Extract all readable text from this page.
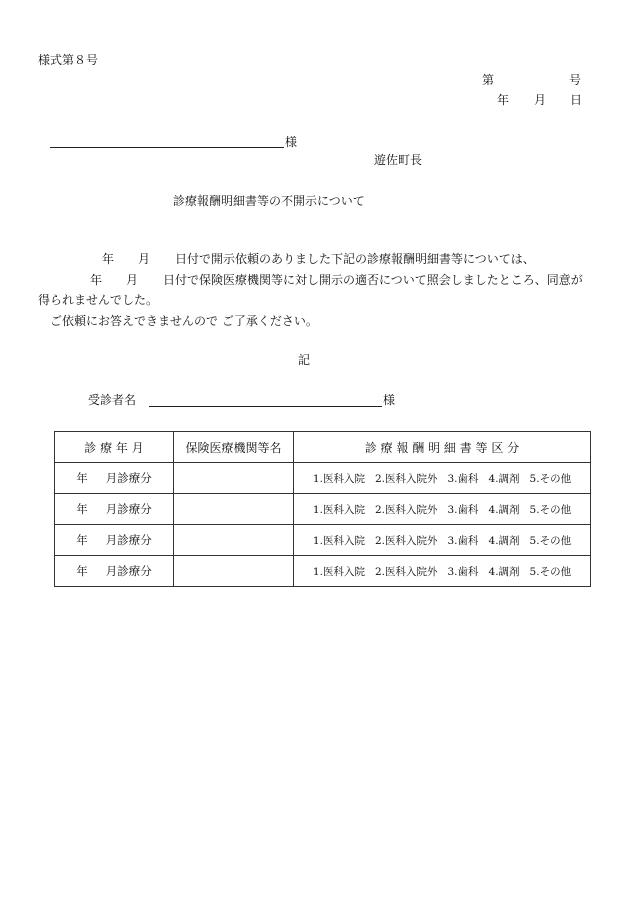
様式第８号
第	号
年 月 日
様
遊佐町長
診療報酬明細書等の不開示について
年 月 日付で開示依頼のありました下記の診療報酬明細書等については、
年 月 日付で保険医療機関等に対し開示の適否について照会しましたところ、同意が
得られませんでした。
ご依頼にお答えできませんので ご了承ください。
記
受診者名	様
診 療 年 月	保険医療機関等名	診 療 報 酬 明 細 書 等 区 分
年 月診療分		1.医科入院 2.医科入院外 3.歯科 4.調剤 5.その他
年 月診療分		1.医科入院 2.医科入院外 3.歯科 4.調剤 5.その他
年 月診療分		1.医科入院 2.医科入院外 3.歯科 4.調剤 5.その他
年 月診療分		1.医科入院 2.医科入院外 3.歯科 4.調剤 5.その他
